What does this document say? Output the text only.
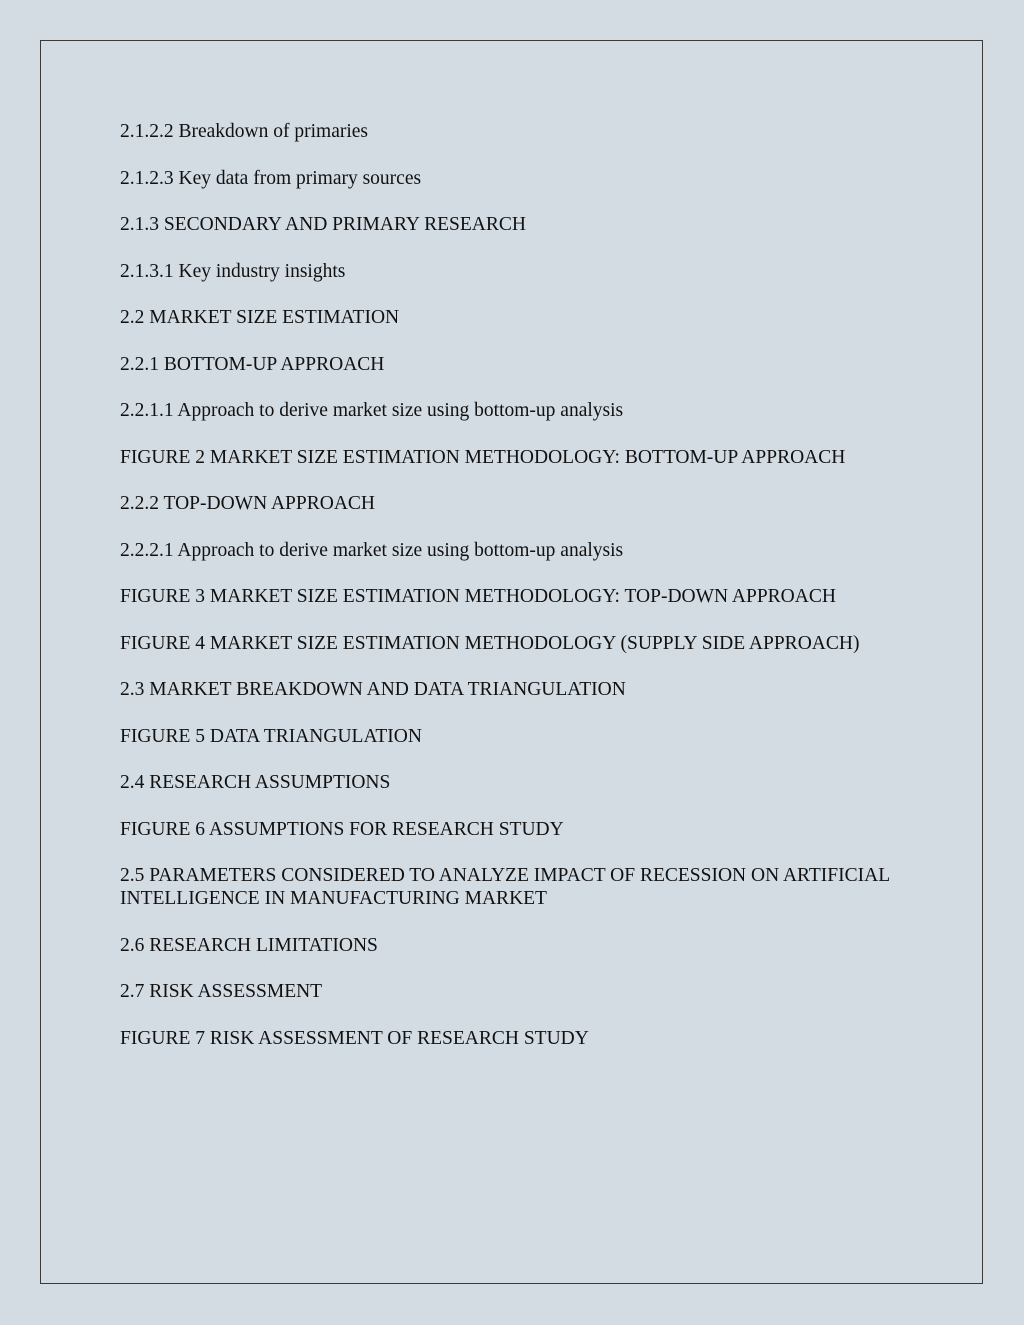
2.1.2.2 Breakdown of primaries
2.1.2.3 Key data from primary sources
2.1.3 SECONDARY AND PRIMARY RESEARCH
2.1.3.1 Key industry insights
2.2 MARKET SIZE ESTIMATION
2.2.1 BOTTOM-UP APPROACH
2.2.1.1 Approach to derive market size using bottom-up analysis
FIGURE 2 MARKET SIZE ESTIMATION METHODOLOGY: BOTTOM-UP APPROACH
2.2.2 TOP-DOWN APPROACH
2.2.2.1 Approach to derive market size using bottom-up analysis
FIGURE 3 MARKET SIZE ESTIMATION METHODOLOGY: TOP-DOWN APPROACH
FIGURE 4 MARKET SIZE ESTIMATION METHODOLOGY (SUPPLY SIDE APPROACH)
2.3 MARKET BREAKDOWN AND DATA TRIANGULATION
FIGURE 5 DATA TRIANGULATION
2.4 RESEARCH ASSUMPTIONS
FIGURE 6 ASSUMPTIONS FOR RESEARCH STUDY
2.5 PARAMETERS CONSIDERED TO ANALYZE IMPACT OF RECESSION ON ARTIFICIAL INTELLIGENCE IN MANUFACTURING MARKET
2.6 RESEARCH LIMITATIONS
2.7 RISK ASSESSMENT
FIGURE 7 RISK ASSESSMENT OF RESEARCH STUDY
